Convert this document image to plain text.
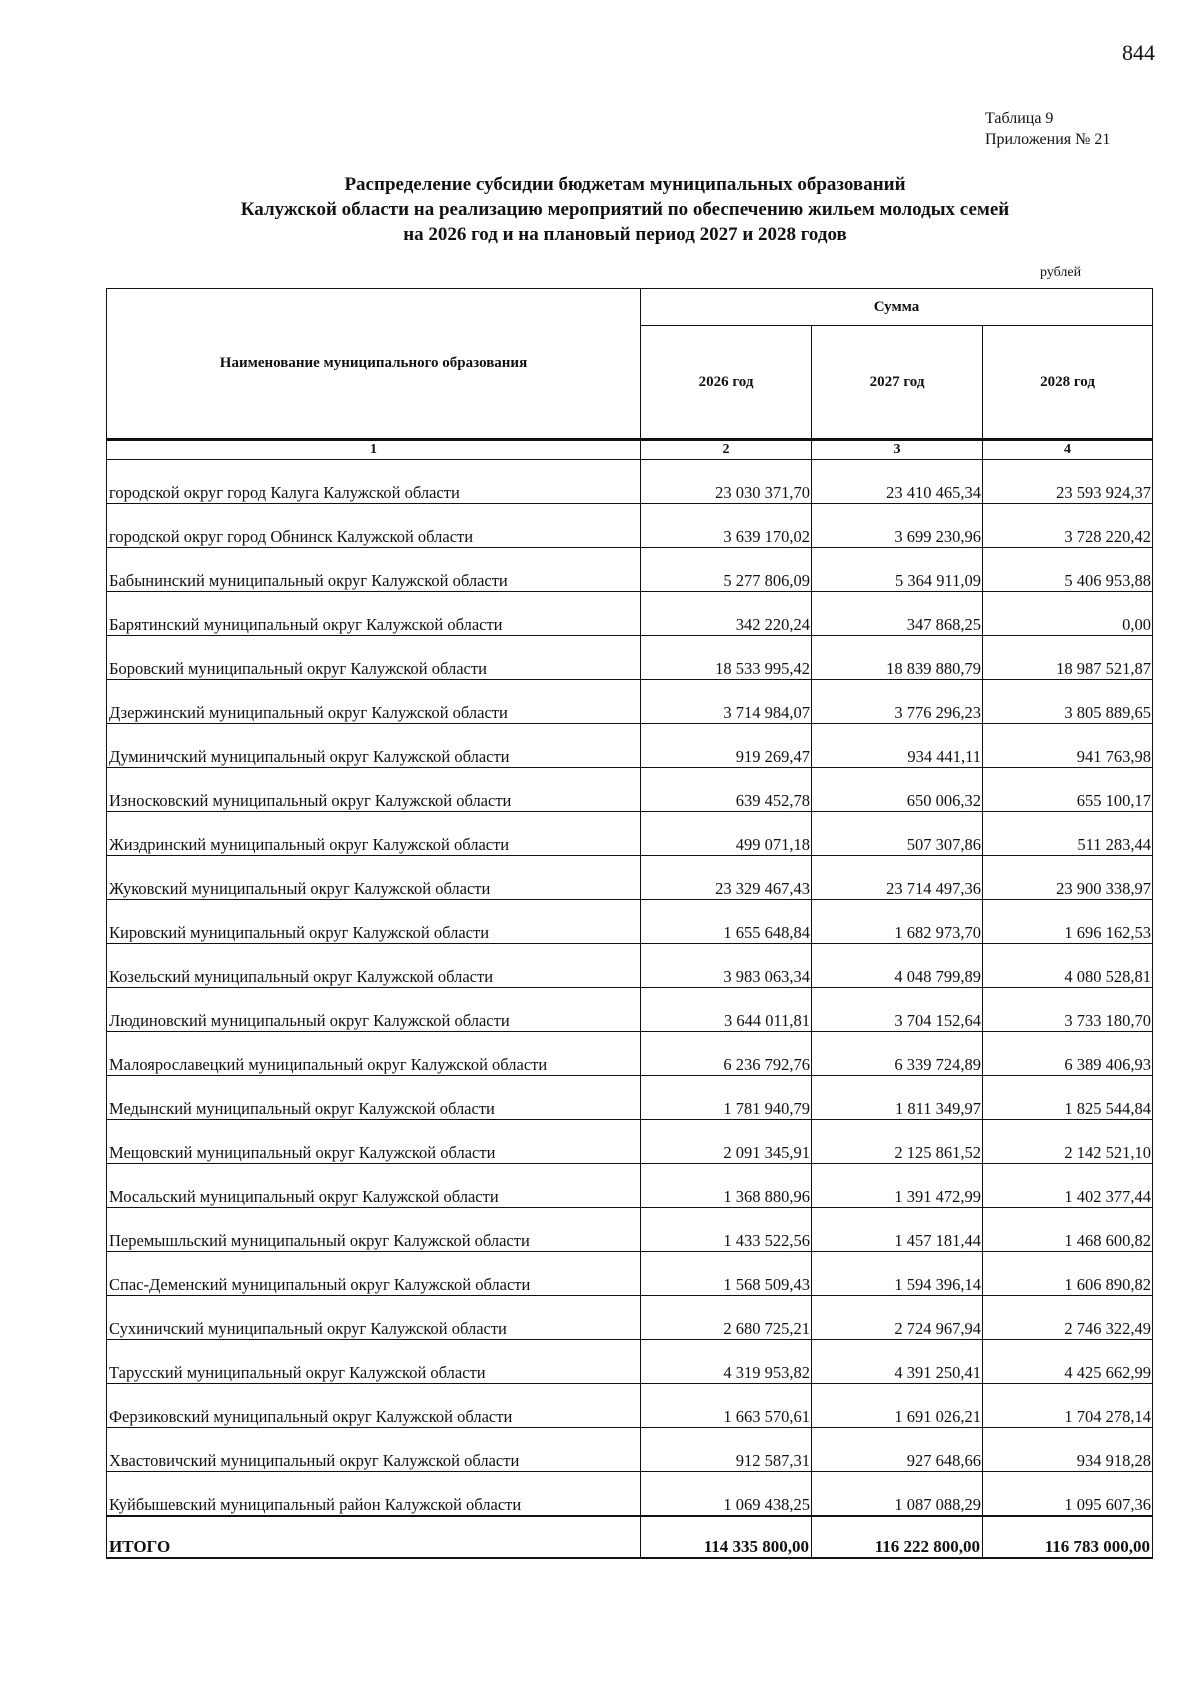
844
Таблица 9
Приложения № 21
Распределение субсидии бюджетам муниципальных образований
Калужской области на реализацию мероприятий по обеспечению жильем молодых семей
на 2026 год и на плановый период 2027 и 2028 годов
рублей
Наименование муниципального образования	Сумма		
	2026 год	2027 год	2028 год
1	2	3	4
городской округ город Калуга Калужской области	23 030 371,70	23 410 465,34	23 593 924,37
городской округ город Обнинск Калужской области	3 639 170,02	3 699 230,96	3 728 220,42
Бабынинский муниципальный округ Калужской области	5 277 806,09	5 364 911,09	5 406 953,88
Барятинский муниципальный округ Калужской области	342 220,24	347 868,25	0,00
Боровский муниципальный округ Калужской области	18 533 995,42	18 839 880,79	18 987 521,87
Дзержинский муниципальный округ Калужской области	3 714 984,07	3 776 296,23	3 805 889,65
Думиничский муниципальный округ Калужской области	919 269,47	934 441,11	941 763,98
Износковский муниципальный округ Калужской области	639 452,78	650 006,32	655 100,17
Жиздринский муниципальный округ Калужской области	499 071,18	507 307,86	511 283,44
Жуковский муниципальный округ Калужской области	23 329 467,43	23 714 497,36	23 900 338,97
Кировский муниципальный округ Калужской области	1 655 648,84	1 682 973,70	1 696 162,53
Козельский муниципальный округ Калужской области	3 983 063,34	4 048 799,89	4 080 528,81
Людиновский муниципальный округ Калужской области	3 644 011,81	3 704 152,64	3 733 180,70
Малоярославецкий муниципальный округ Калужской области	6 236 792,76	6 339 724,89	6 389 406,93
Медынский муниципальный округ Калужской области	1 781 940,79	1 811 349,97	1 825 544,84
Мещовский муниципальный округ Калужской области	2 091 345,91	2 125 861,52	2 142 521,10
Мосальский муниципальный округ Калужской области	1 368 880,96	1 391 472,99	1 402 377,44
Перемышльский муниципальный округ Калужской области	1 433 522,56	1 457 181,44	1 468 600,82
Спас-Деменский муниципальный округ Калужской области	1 568 509,43	1 594 396,14	1 606 890,82
Сухиничский муниципальный округ Калужской области	2 680 725,21	2 724 967,94	2 746 322,49
Тарусский муниципальный округ Калужской области	4 319 953,82	4 391 250,41	4 425 662,99
Ферзиковский муниципальный округ Калужской области	1 663 570,61	1 691 026,21	1 704 278,14
Хвастовичский муниципальный округ Калужской области	912 587,31	927 648,66	934 918,28
Куйбышевский муниципальный район Калужской области	1 069 438,25	1 087 088,29	1 095 607,36
ИТОГО	114 335 800,00	116 222 800,00	116 783 000,00
